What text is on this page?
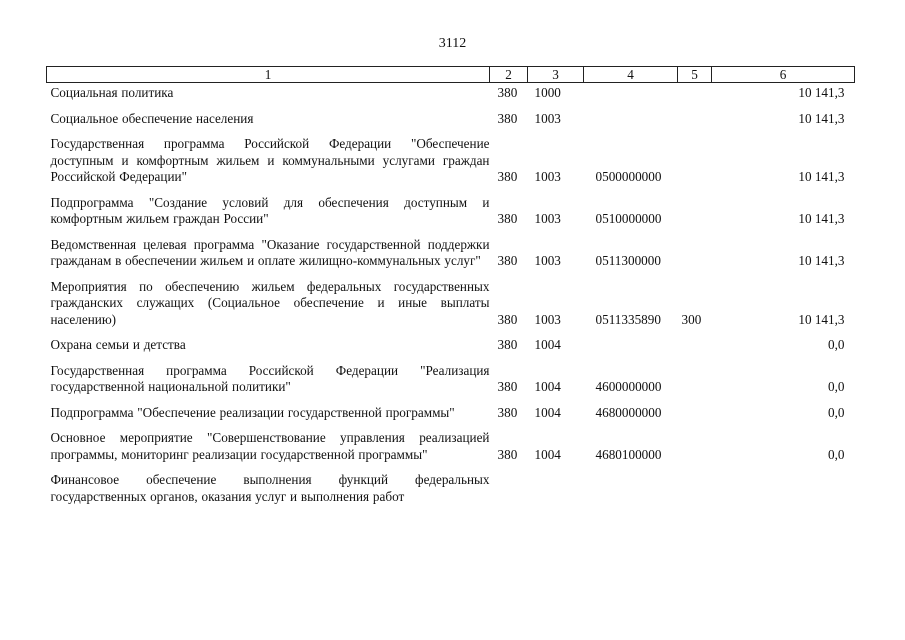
3112
1	2	3	4	5	6
Социальная политика	380	1000			10 141,3
Социальное обеспечение населения	380	1003			10 141,3
Государственная программа Российской Федерации "Обеспечение доступным и комфортным жильем и коммунальными услугами граждан Российской Федерации"	380	1003	0500000000		10 141,3
Подпрограмма "Создание условий для обеспечения доступным и комфортным жильем граждан России"	380	1003	0510000000		10 141,3
Ведомственная целевая программа "Оказание государственной поддержки гражданам в обеспечении жильем и оплате жилищно-коммунальных услуг"	380	1003	0511300000		10 141,3
Мероприятия по обеспечению жильем федеральных государственных гражданских служащих (Социальное обеспечение и иные выплаты населению)	380	1003	0511335890	300	10 141,3
Охрана семьи и детства	380	1004			0,0
Государственная программа Российской Федерации "Реализация государственной национальной политики"	380	1004	4600000000		0,0
Подпрограмма "Обеспечение реализации государственной программы"	380	1004	4680000000		0,0
Основное мероприятие "Совершенствование управления реализацией программы, мониторинг реализации государственной программы"	380	1004	4680100000		0,0
Финансовое обеспечение выполнения функций федеральных государственных органов, оказания услуг и выполнения работ					
